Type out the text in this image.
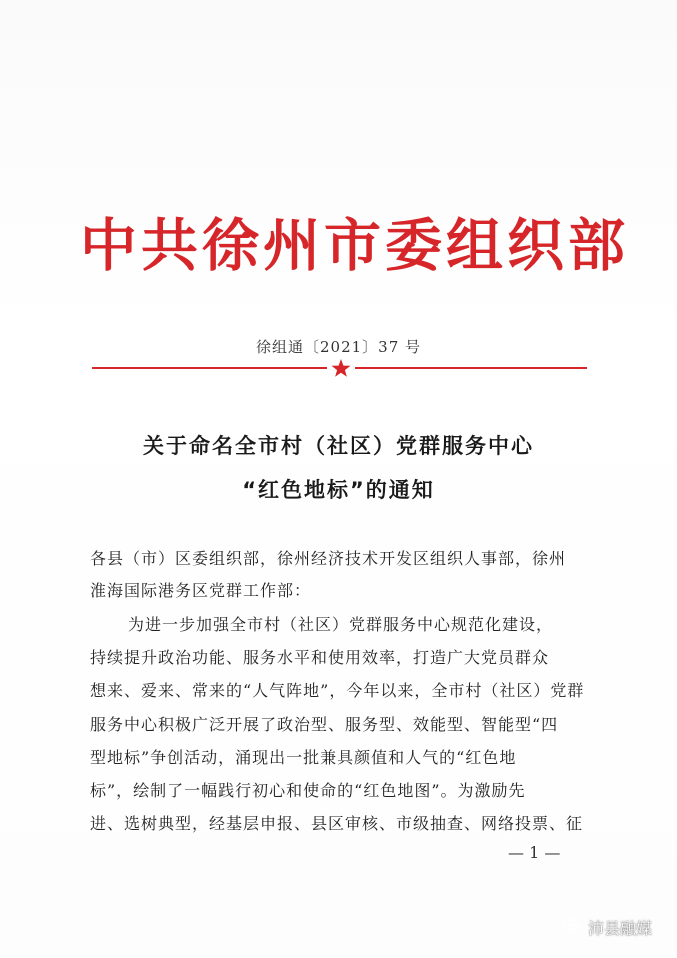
中共徐州市委组织部
徐组通〔2021〕37 号
关于命名全市村（社区）党群服务中心
“红色地标”的通知
各县（市）区委组织部，徐州经济技术开发区组织人事部，徐州
淮海国际港务区党群工作部：
为进一步加强全市村（社区）党群服务中心规范化建设，
持续提升政治功能、服务水平和使用效率，打造广大党员群众
想来、爱来、常来的“人气阵地”，今年以来，全市村（社区）党群
服务中心积极广泛开展了政治型、服务型、效能型、智能型“四
型地标”争创活动，涌现出一批兼具颜值和人气的“红色地
标”，绘制了一幅践行初心和使命的“红色地图”。为激励先
进、选树典型，经基层申报、县区审核、市级抽查、网络投票、征
— 1 —
沛县融媒
